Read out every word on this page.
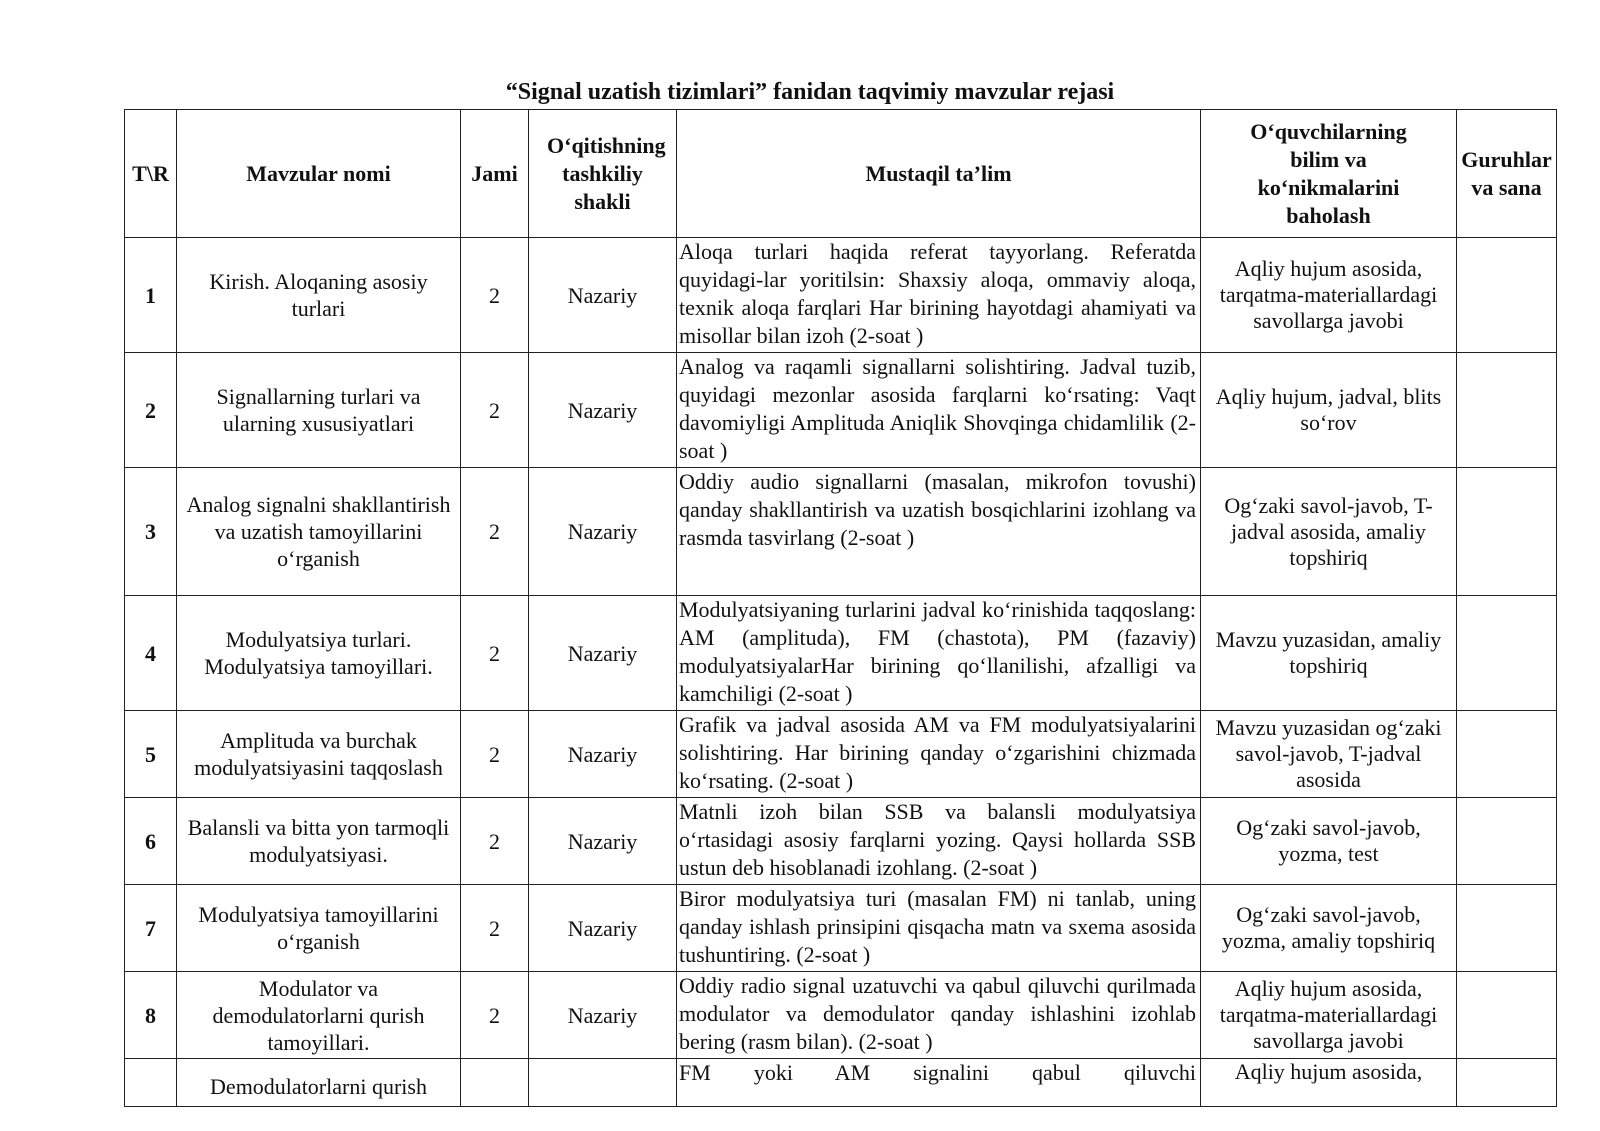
“Signal uzatish tizimlari” fanidan taqvimiy mavzular rejasi
T\R	Mavzular nomi	Jami	O‘qitishning tashkiliy shakli	Mustaqil ta’lim	O‘quvchilarning bilim va ko‘nikmalarini baholash	Guruhlar va sana
1	Kirish. Aloqaning asosiy turlari	2	Nazariy	Aloqa turlari haqida referat tayyorlang. Referatda quyidagi-lar yoritilsin: Shaxsiy aloqa, ommaviy aloqa, texnik aloqa farqlari Har birining hayotdagi ahamiyati va misollar bilan izoh (2-soat )	Aqliy hujum asosida, tarqatma-materiallardagi savollarga javobi	
2	Signallarning turlari va ularning xususiyatlari	2	Nazariy	Analog va raqamli signallarni solishtiring. Jadval tuzib, quyidagi mezonlar asosida farqlarni ko‘rsating: Vaqt davomiyligi Amplituda Aniqlik Shovqinga chidamlilik (2-soat )	Aqliy hujum, jadval, blits so‘rov	
3	Analog signalni shakllantirish va uzatish tamoyillarini o‘rganish	2	Nazariy	Oddiy audio signallarni (masalan, mikrofon tovushi) qanday shakllantirish va uzatish bosqichlarini izohlang va rasmda tasvirlang (2-soat )	Og‘zaki savol-javob, T-jadval asosida, amaliy topshiriq	
4	Modulyatsiya turlari. Modulyatsiya tamoyillari.	2	Nazariy	Modulyatsiyaning turlarini jadval ko‘rinishida taqqoslang: AM (amplituda), FM (chastota), PM (fazaviy) modulyatsiyalarHar birining qo‘llanilishi, afzalligi va kamchiligi (2-soat )	Mavzu yuzasidan, amaliy topshiriq	
5	Amplituda va burchak modulyatsiyasini taqqoslash	2	Nazariy	Grafik va jadval asosida AM va FM modulyatsiyalarini solishtiring. Har birining qanday o‘zgarishini chizmada ko‘rsating. (2-soat )	Mavzu yuzasidan og‘zaki savol-javob, T-jadval asosida	
6	Balansli va bitta yon tarmoqli modulyatsiyasi.	2	Nazariy	Matnli izoh bilan SSB va balansli modulyatsiya o‘rtasidagi asosiy farqlarni yozing. Qaysi hollarda SSB ustun deb hisoblanadi izohlang. (2-soat )	Og‘zaki savol-javob, yozma, test	
7	Modulyatsiya tamoyillarini o‘rganish	2	Nazariy	Biror modulyatsiya turi (masalan FM) ni tanlab, uning qanday ishlash prinsipini qisqacha matn va sxema asosida tushuntiring. (2-soat )	Og‘zaki savol-javob, yozma, amaliy topshiriq	
8	Modulator va demodulatorlarni qurish tamoyillari.	2	Nazariy	Oddiy radio signal uzatuvchi va qabul qiluvchi qurilmada modulator va demodulator qanday ishlashini izohlab bering (rasm bilan). (2-soat )	Aqliy hujum asosida, tarqatma-materiallardagi savollarga javobi	
	Demodulatorlarni qurish			FM yoki AM signalini qabul qiluvchi	Aqliy hujum asosida,	
